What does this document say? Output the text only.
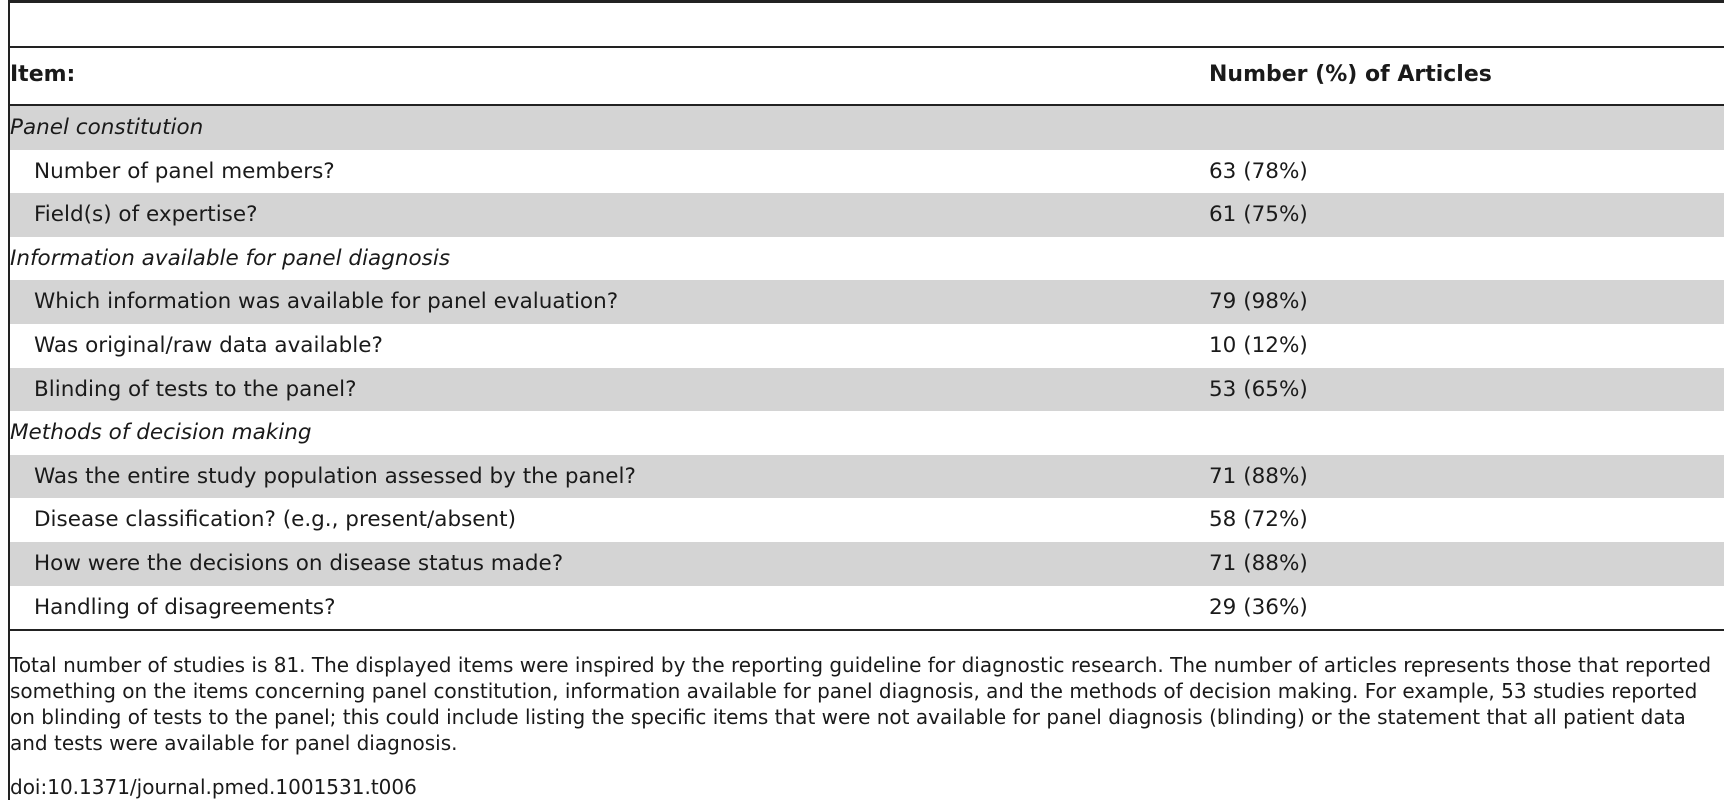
Item:	Number (%) of Articles
Panel constitution
Number of panel members?	63 (78%)
Field(s) of expertise?	61 (75%)
Information available for panel diagnosis
Which information was available for panel evaluation?	79 (98%)
Was original/raw data available?	10 (12%)
Blinding of tests to the panel?	53 (65%)
Methods of decision making
Was the entire study population assessed by the panel?	71 (88%)
Disease classification? (e.g., present/absent)	58 (72%)
How were the decisions on disease status made?	71 (88%)
Handling of disagreements?	29 (36%)
Total number of studies is 81. The displayed items were inspired by the reporting guideline for diagnostic research. The number of articles represents those that reported something on the items concerning panel constitution, information available for panel diagnosis, and the methods of decision making. For example, 53 studies reported on blinding of tests to the panel; this could include listing the specific items that were not available for panel diagnosis (blinding) or the statement that all patient data and tests were available for panel diagnosis.
doi:10.1371/journal.pmed.1001531.t006
